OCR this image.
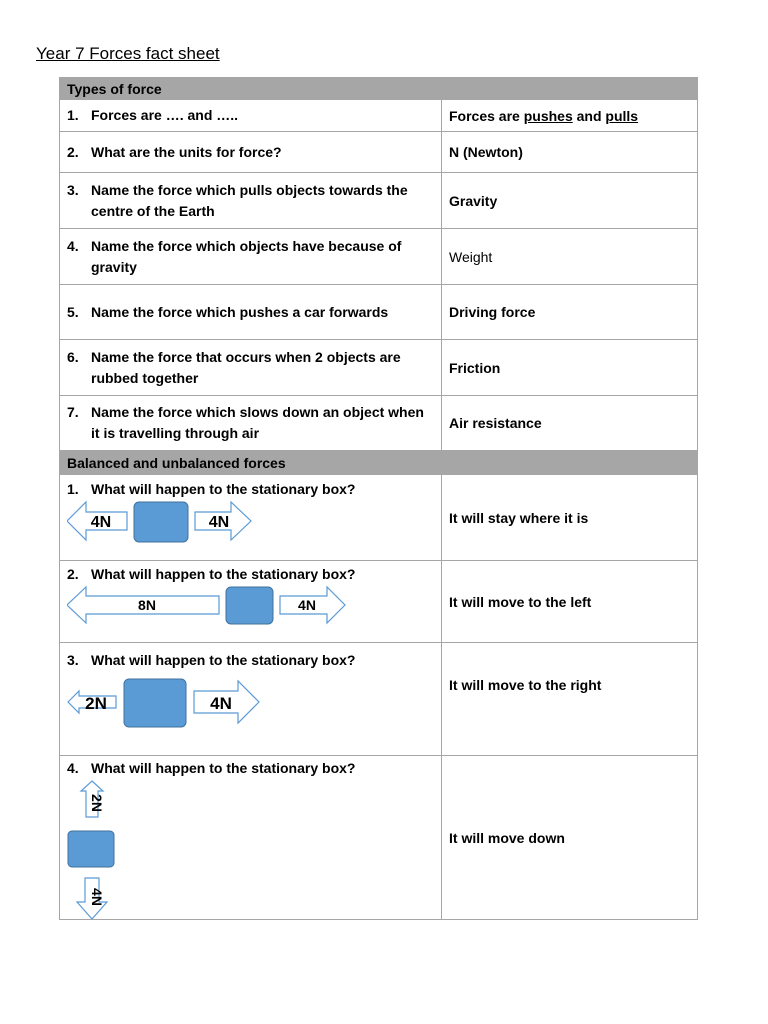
Year 7 Forces fact sheet
Types of force	

1. Forces are …. and …..	Forces are pushes and pulls

2. What are the units for force?	N (Newton)

3. Name the force which pulls objects towards the centre of the Earth	Gravity

4. Name the force which objects have because of gravity	Weight

5. Name the force which pushes a car forwards	Driving force

6. Name the force that occurs when 2 objects are rubbed together	Friction

7. Name the force which slows down an object when it is travelling through air	Air resistance
Balanced and unbalanced forces	

1. What will happen to the stationary box?
4N 4N	It will stay where it is

2. What will happen to the stationary box?
8N 4N	It will move to the left

3. What will happen to the stationary box?
2N 4N	It will move to the right

4. What will happen to the stationary box?
2N
4N	It will move down
